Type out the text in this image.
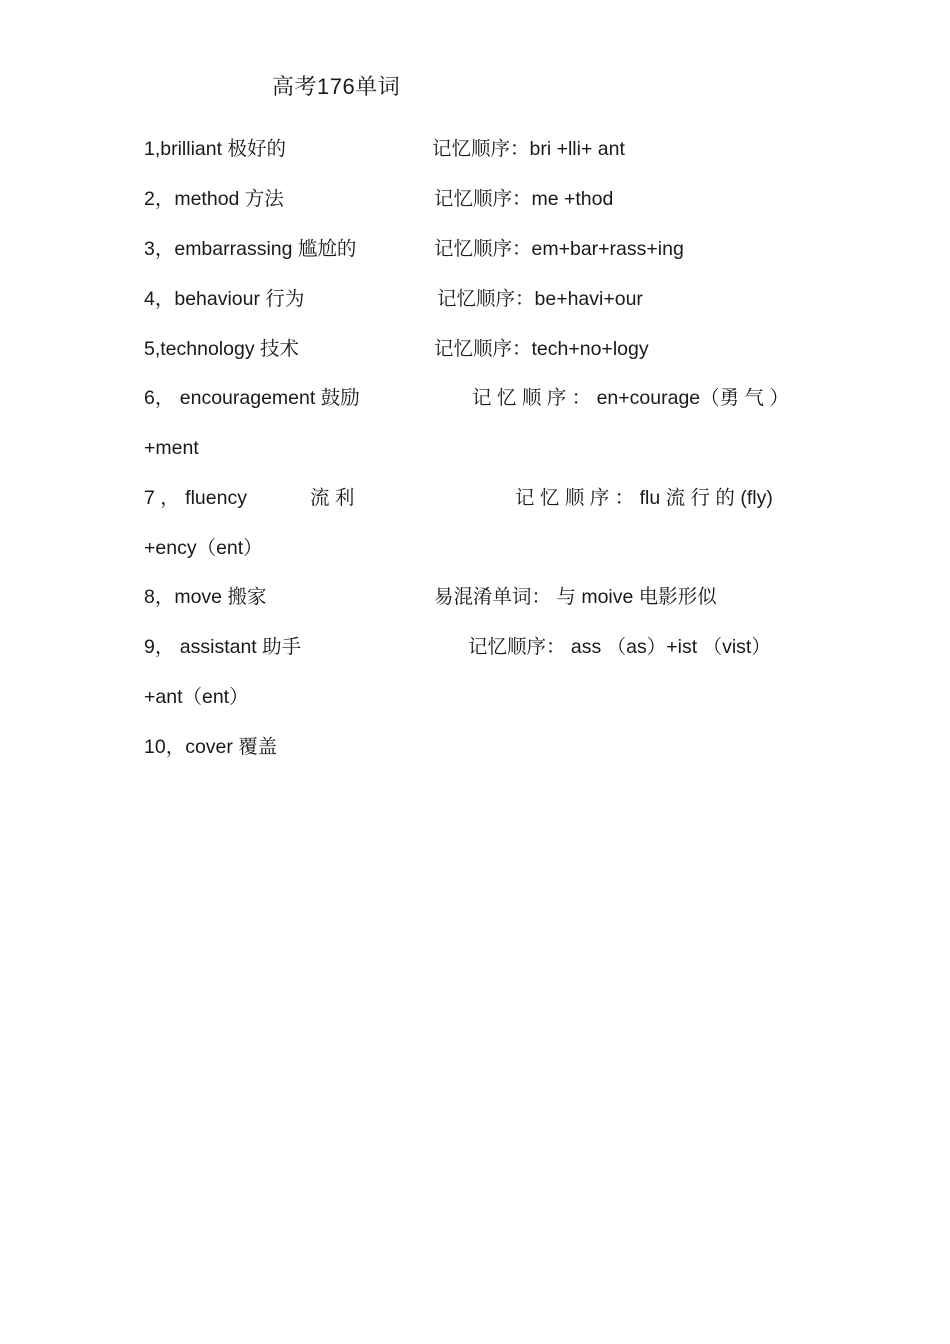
高考176单词
1,brilliant 极好的	记忆顺序：bri +lli+ ant
2，method 方法	记忆顺序：me +thod
3，embarrassing 尴尬的	记忆顺序：em+bar+rass+ing
4，behaviour 行为	记忆顺序：be+havi+our
5,technology 技术	记忆顺序：tech+no+logy
6， encouragement 鼓励	记 忆 顺 序 ： en+courage（勇 气 ）
+ment
7 ， fluency	流 利	记 忆 顺 序 ： flu 流 行 的 (fly)
+ency（ent）
8，move 搬家	易混淆单词： 与 moive 电影形似
9， assistant 助手	记忆顺序： ass （as）+ist （vist）
+ant（ent）
10，cover 覆盖
